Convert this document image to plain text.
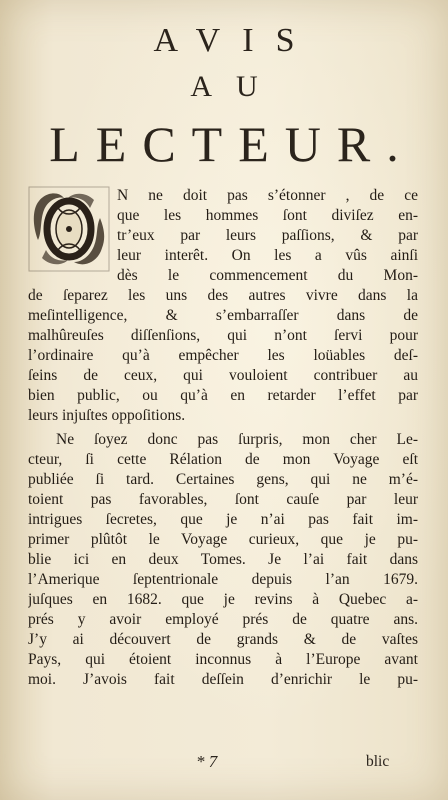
AVIS
AU
LECTEUR.
N ne doit pas s’étonner , de ce
que les hommes ſont diviſez en-
tr’eux par leurs paſſions, & par
leur interêt. On les a vûs ainſi
dès le commencement du Mon-
de ſeparez les uns des autres vivre dans la
meſintelligence, & s’embarraſſer dans de
malhûreuſes diſſenſions, qui n’ont ſervi pour
l’ordinaire qu’à empêcher les loüables deſ-
ſeins de ceux, qui vouloient contribuer au
bien public, ou qu’à en retarder l’effet par
leurs injuſtes oppoſitions.
Ne ſoyez donc pas ſurpris, mon cher Le-
cteur, ſi cette Rélation de mon Voyage eſt
publiée ſi tard. Certaines gens, qui ne m’é-
toient pas favorables, ſont cauſe par leur
intrigues ſecretes, que je n’ai pas fait im-
primer plûtôt le Voyage curieux, que je pu-
blie ici en deux Tomes. Je l’ai fait dans
l’Amerique ſeptentrionale depuis l’an 1679.
juſques en 1682. que je revins à Quebec a-
prés y avoir employé prés de quatre ans.
J’y ai découvert de grands & de vaſtes
Pays, qui étoient inconnus à l’Europe avant
moi. J’avois fait deſſein d’enrichir le pu-
* 7	blic
